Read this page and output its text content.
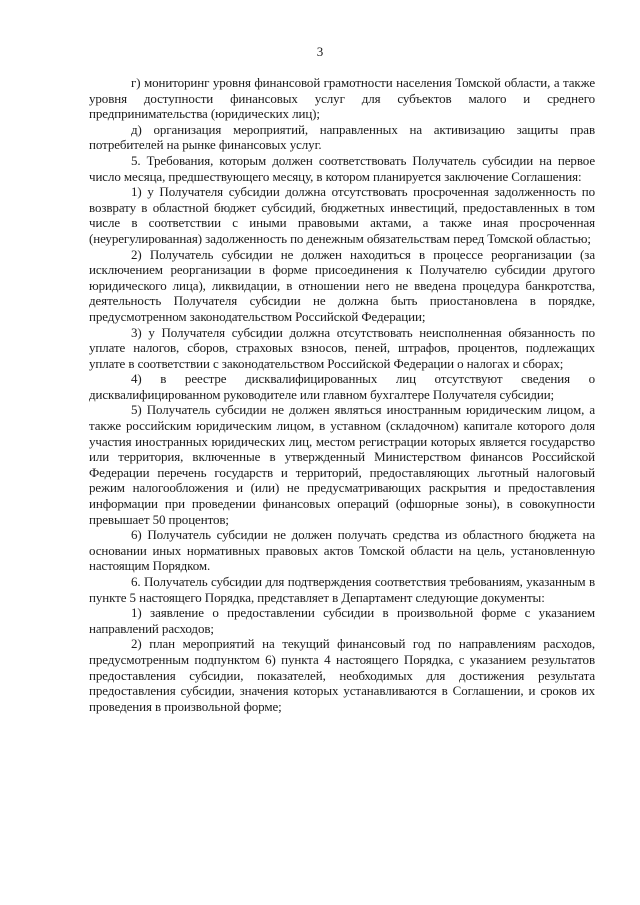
3

г) мониторинг уровня финансовой грамотности населения Томской области, а также уровня доступности финансовых услуг для субъектов малого и среднего предпринимательства (юридических лиц);

д) организация мероприятий, направленных на активизацию защиты прав потребителей на рынке финансовых услуг.

5. Требования, которым должен соответствовать Получатель субсидии на первое число месяца, предшествующего месяцу, в котором планируется заключение Соглашения:

1) у Получателя субсидии должна отсутствовать просроченная задолженность по возврату в областной бюджет субсидий, бюджетных инвестиций, предоставленных в том числе в соответствии с иными правовыми актами, а также иная просроченная (неурегулированная) задолженность по денежным обязательствам перед Томской областью;

2) Получатель субсидии не должен находиться в процессе реорганизации (за исключением реорганизации в форме присоединения к Получателю субсидии другого юридического лица), ликвидации, в отношении него не введена процедура банкротства, деятельность Получателя субсидии не должна быть приостановлена в порядке, предусмотренном законодательством Российской Федерации;

3) у Получателя субсидии должна отсутствовать неисполненная обязанность по уплате налогов, сборов, страховых взносов, пеней, штрафов, процентов, подлежащих уплате в соответствии с законодательством Российской Федерации о налогах и сборах;

4) в реестре дисквалифицированных лиц отсутствуют сведения о дисквалифицированном руководителе или главном бухгалтере Получателя субсидии;

5) Получатель субсидии не должен являться иностранным юридическим лицом, а также российским юридическим лицом, в уставном (складочном) капитале которого доля участия иностранных юридических лиц, местом регистрации которых является государство или территория, включенные в утвержденный Министерством финансов Российской Федерации перечень государств и территорий, предоставляющих льготный налоговый режим налогообложения и (или) не предусматривающих раскрытия и предоставления информации при проведении финансовых операций (офшорные зоны), в совокупности превышает 50 процентов;

6) Получатель субсидии не должен получать средства из областного бюджета на основании иных нормативных правовых актов Томской области на цель, установленную настоящим Порядком.

6. Получатель субсидии для подтверждения соответствия требованиям, указанным в пункте 5 настоящего Порядка, представляет в Департамент следующие документы:

1) заявление о предоставлении субсидии в произвольной форме с указанием направлений расходов;

2) план мероприятий на текущий финансовый год по направлениям расходов, предусмотренным подпунктом 6) пункта 4 настоящего Порядка, с указанием результатов предоставления субсидии, показателей, необходимых для достижения результата предоставления субсидии, значения которых устанавливаются в Соглашении, и сроков их проведения в произвольной форме;
